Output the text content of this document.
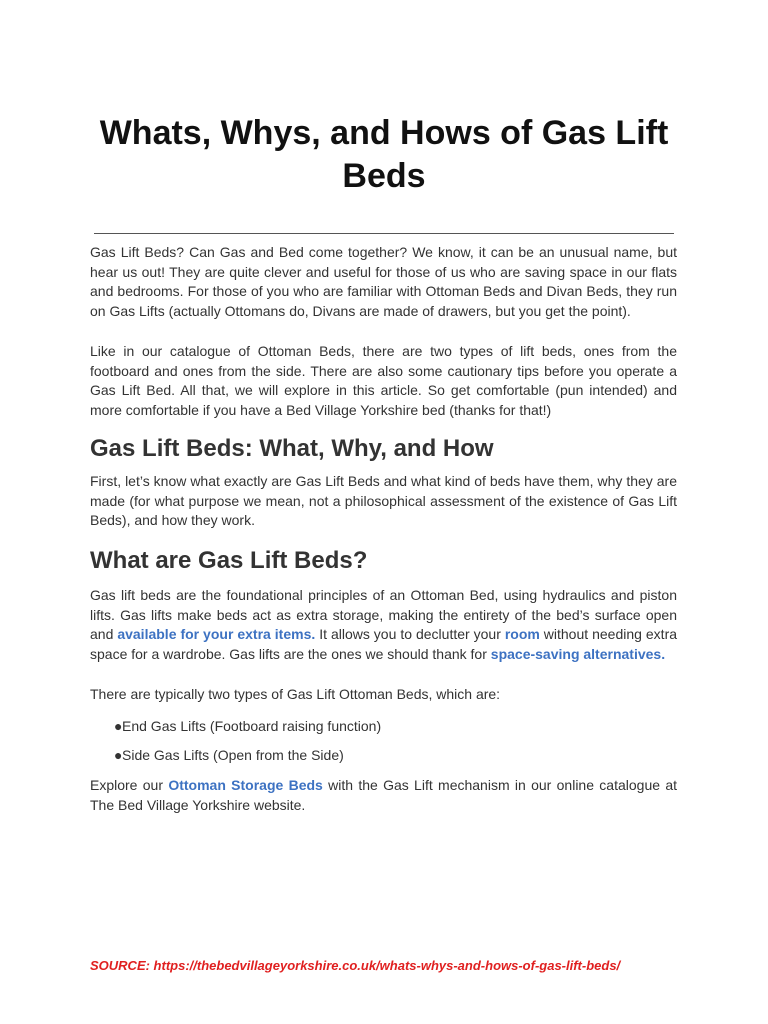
Whats, Whys, and Hows of Gas Lift Beds

Gas Lift Beds? Can Gas and Bed come together? We know, it can be an unusual name, but hear us out! They are quite clever and useful for those of us who are saving space in our flats and bedrooms. For those of you who are familiar with Ottoman Beds and Divan Beds, they run on Gas Lifts (actually Ottomans do, Divans are made of drawers, but you get the point).

Like in our catalogue of Ottoman Beds, there are two types of lift beds, ones from the footboard and ones from the side. There are also some cautionary tips before you operate a Gas Lift Bed. All that, we will explore in this article. So get comfortable (pun intended) and more comfortable if you have a Bed Village Yorkshire bed (thanks for that!)

Gas Lift Beds: What, Why, and How

First, let’s know what exactly are Gas Lift Beds and what kind of beds have them, why they are made (for what purpose we mean, not a philosophical assessment of the existence of Gas Lift Beds), and how they work.

What are Gas Lift Beds?

Gas lift beds are the foundational principles of an Ottoman Bed, using hydraulics and piston lifts. Gas lifts make beds act as extra storage, making the entirety of the bed’s surface open and available for your extra items. It allows you to declutter your room without needing extra space for a wardrobe. Gas lifts are the ones we should thank for space-saving alternatives.

There are typically two types of Gas Lift Ottoman Beds, which are:

● End Gas Lifts (Footboard raising function)
● Side Gas Lifts (Open from the Side)

Explore our Ottoman Storage Beds with the Gas Lift mechanism in our online catalogue at The Bed Village Yorkshire website.

SOURCE: https://thebedvillageyorkshire.co.uk/whats-whys-and-hows-of-gas-lift-beds/
